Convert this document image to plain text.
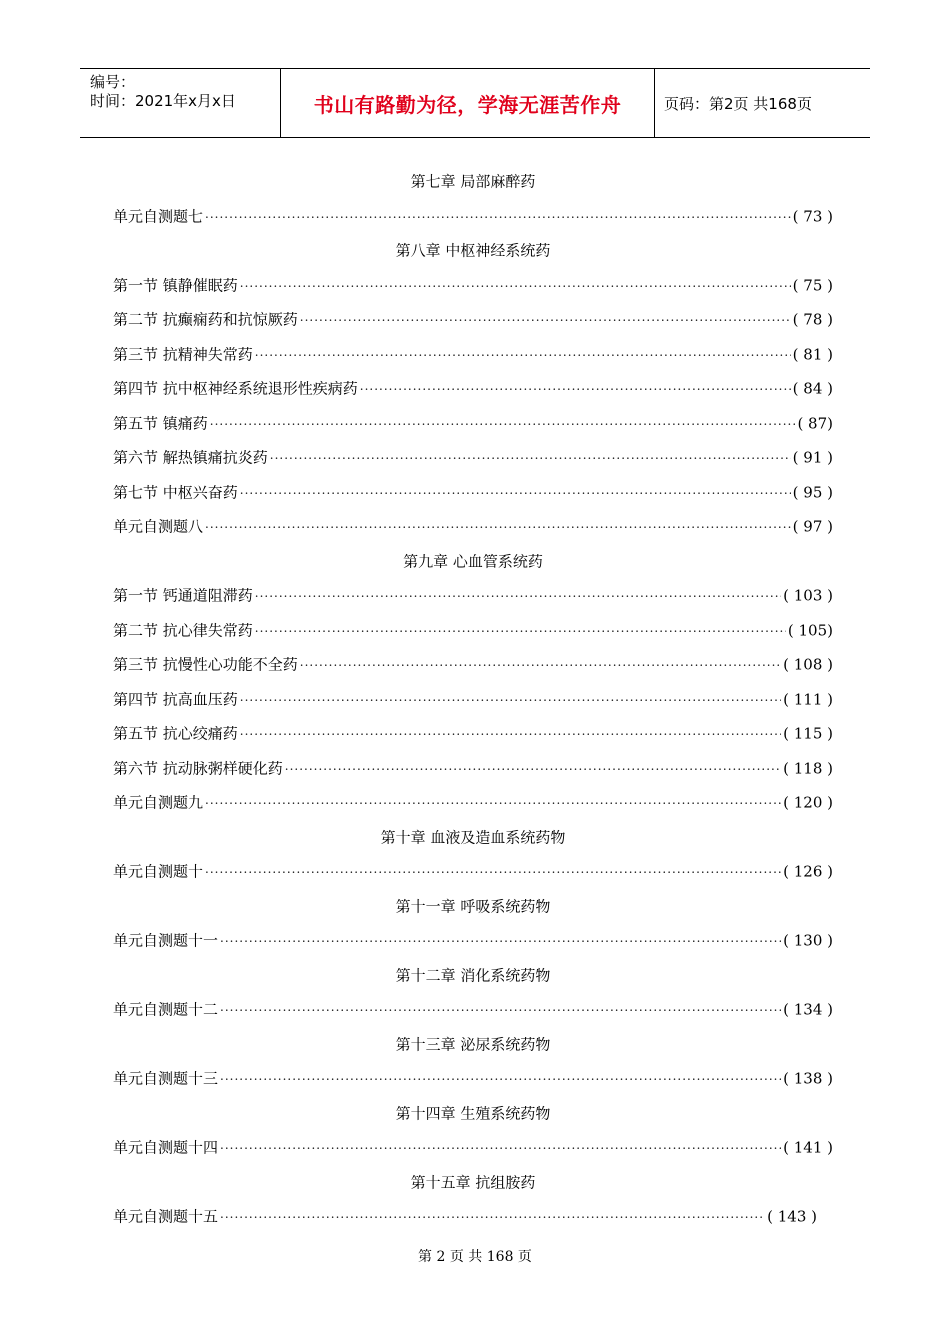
编号：
时间：2021年x月x日	书山有路勤为径，学海无涯苦作舟	页码：第2页 共168页
第七章 局部麻醉药
单元自测题七 ·····	( 73 )
第八章 中枢神经系统药
第一节 镇静催眠药 ·····	( 75 )
第二节 抗癫痫药和抗惊厥药 ·····	( 78 )
第三节 抗精神失常药 ·····	( 81 )
第四节 抗中枢神经系统退形性疾病药 ·····	( 84 )
第五节 镇痛药 ·····	( 87)
第六节 解热镇痛抗炎药 ·····	( 91 )
第七节 中枢兴奋药 ·····	( 95 )
单元自测题八 ·····	( 97 )
第九章 心血管系统药
第一节 钙通道阻滞药 ·····	( 103 )
第二节 抗心律失常药 ·····	( 105)
第三节 抗慢性心功能不全药 ·····	( 108 )
第四节 抗高血压药 ·····	( 111 )
第五节 抗心绞痛药 ·····	( 115 )
第六节 抗动脉粥样硬化药 ·····	( 118 )
单元自测题九 ·····	( 120 )
第十章 血液及造血系统药物
单元自测题十 ·····	( 126 )
第十一章 呼吸系统药物
单元自测题十一 ·····	( 130 )
第十二章 消化系统药物
单元自测题十二 ·····	( 134 )
第十三章 泌尿系统药物
单元自测题十三 ·····	( 138 )
第十四章 生殖系统药物
单元自测题十四 ·····	( 141 )
第十五章 抗组胺药
单元自测题十五 ·····	( 143 )
第 2 页 共 168 页
